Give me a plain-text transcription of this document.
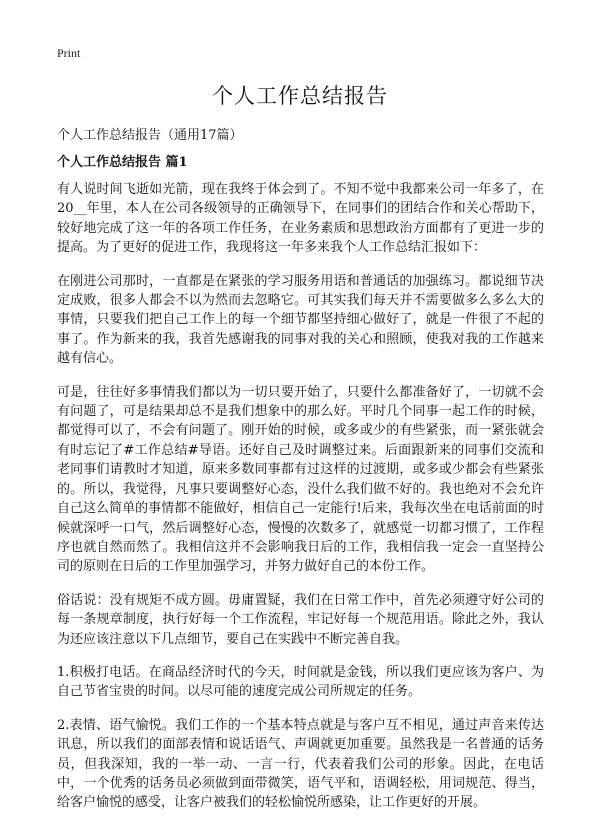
Print
个人工作总结报告
个人工作总结报告（通用17篇）
个人工作总结报告 篇1

有人说时间飞逝如光箭，现在我终于体会到了。不知不觉中我都来公司一年多了，在20__年里，本人在公司各级领导的正确领导下，在同事们的团结合作和关心帮助下，较好地完成了这一年的各项工作任务，在业务素质和思想政治方面都有了更进一步的提高。为了更好的促进工作，我现将这一年多来我个人工作总结汇报如下：

在刚进公司那时，一直都是在紧张的学习服务用语和普通话的加强练习。都说细节决定成败，很多人都会不以为然而去忽略它。可其实我们每天并不需要做多么多么大的事情，只要我们把自己工作上的每一个细节都坚持细心做好了，就是一件很了不起的事了。作为新来的我，我首先感谢我的同事对我的关心和照顾，使我对我的工作越来越有信心。

可是，往往好多事情我们都以为一切只要开始了，只要什么都准备好了，一切就不会有问题了，可是结果却总不是我们想象中的那么好。平时几个同事一起工作的时候，都觉得可以了，不会有问题了。刚开始的时候，或多或少的有些紧张，而一紧张就会有时忘记了#工作总结#导语。还好自己及时调整过来。后面跟新来的同事们交流和老同事们请教时才知道，原来多数同事都有过这样的过渡期，或多或少都会有些紧张的。所以，我觉得，凡事只要调整好心态，没什么我们做不好的。我也绝对不会允许自己这么简单的事情都不能做好，相信自己一定能行!后来，我每次坐在电话前面的时候就深呼一口气，然后调整好心态，慢慢的次数多了，就感觉一切都习惯了，工作程序也就自然而然了。我相信这并不会影响我日后的工作，我相信我一定会一直坚持公司的原则在日后的工作里加强学习，并努力做好自己的本份工作。

俗话说：没有规矩不成方圆。毋庸置疑，我们在日常工作中，首先必须遵守好公司的每一条规章制度，执行好每一个工作流程，牢记好每一个规范用语。除此之外，我认为还应该注意以下几点细节，要自己在实践中不断完善自我。

1.积极打电话。在商品经济时代的今天，时间就是金钱，所以我们更应该为客户、为自己节省宝贵的时间。以尽可能的速度完成公司所规定的任务。

2.表情、语气愉悦。我们工作的一个基本特点就是与客户互不相见，通过声音来传达讯息，所以我们的面部表情和说话语气、声调就更加重要。虽然我是一名普通的话务员，但我深知，我的一举一动、一言一行，代表着我们公司的形象。因此，在电话中，一个优秀的话务员必须做到面带微笑，语气平和，语调轻松，用词规范、得当，给客户愉悦的感受，让客户被我们的轻松愉悦所感染，让工作更好的开展。
